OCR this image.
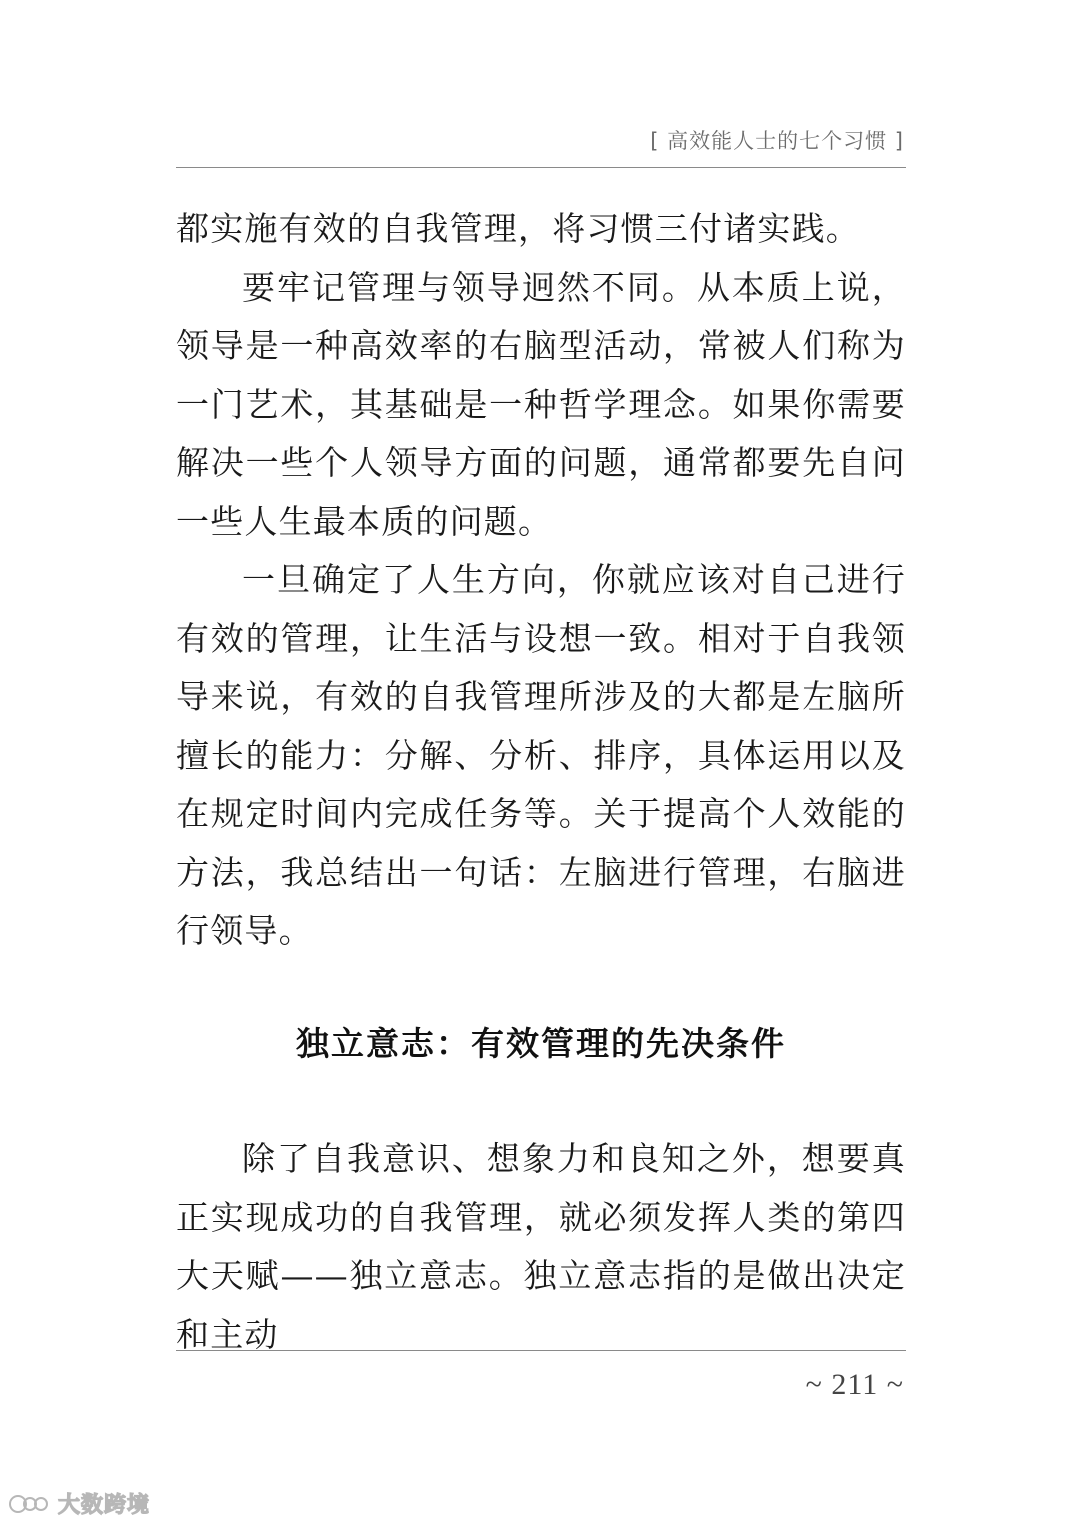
[ 高效能人士的七个习惯 ]

都实施有效的自我管理，将习惯三付诸实践。

要牢记管理与领导迥然不同。从本质上说，领导是一种高效率的右脑型活动，常被人们称为一门艺术，其基础是一种哲学理念。如果你需要解决一些个人领导方面的问题，通常都要先自问一些人生最本质的问题。

一旦确定了人生方向，你就应该对自己进行有效的管理，让生活与设想一致。相对于自我领导来说，有效的自我管理所涉及的大都是左脑所擅长的能力：分解、分析、排序，具体运用以及在规定时间内完成任务等。关于提高个人效能的方法，我总结出一句话：左脑进行管理，右脑进行领导。

独立意志：有效管理的先决条件

除了自我意识、想象力和良知之外，想要真正实现成功的自我管理，就必须发挥人类的第四大天赋——独立意志。独立意志指的是做出决定和主动

~ 211 ~
大数跨境
